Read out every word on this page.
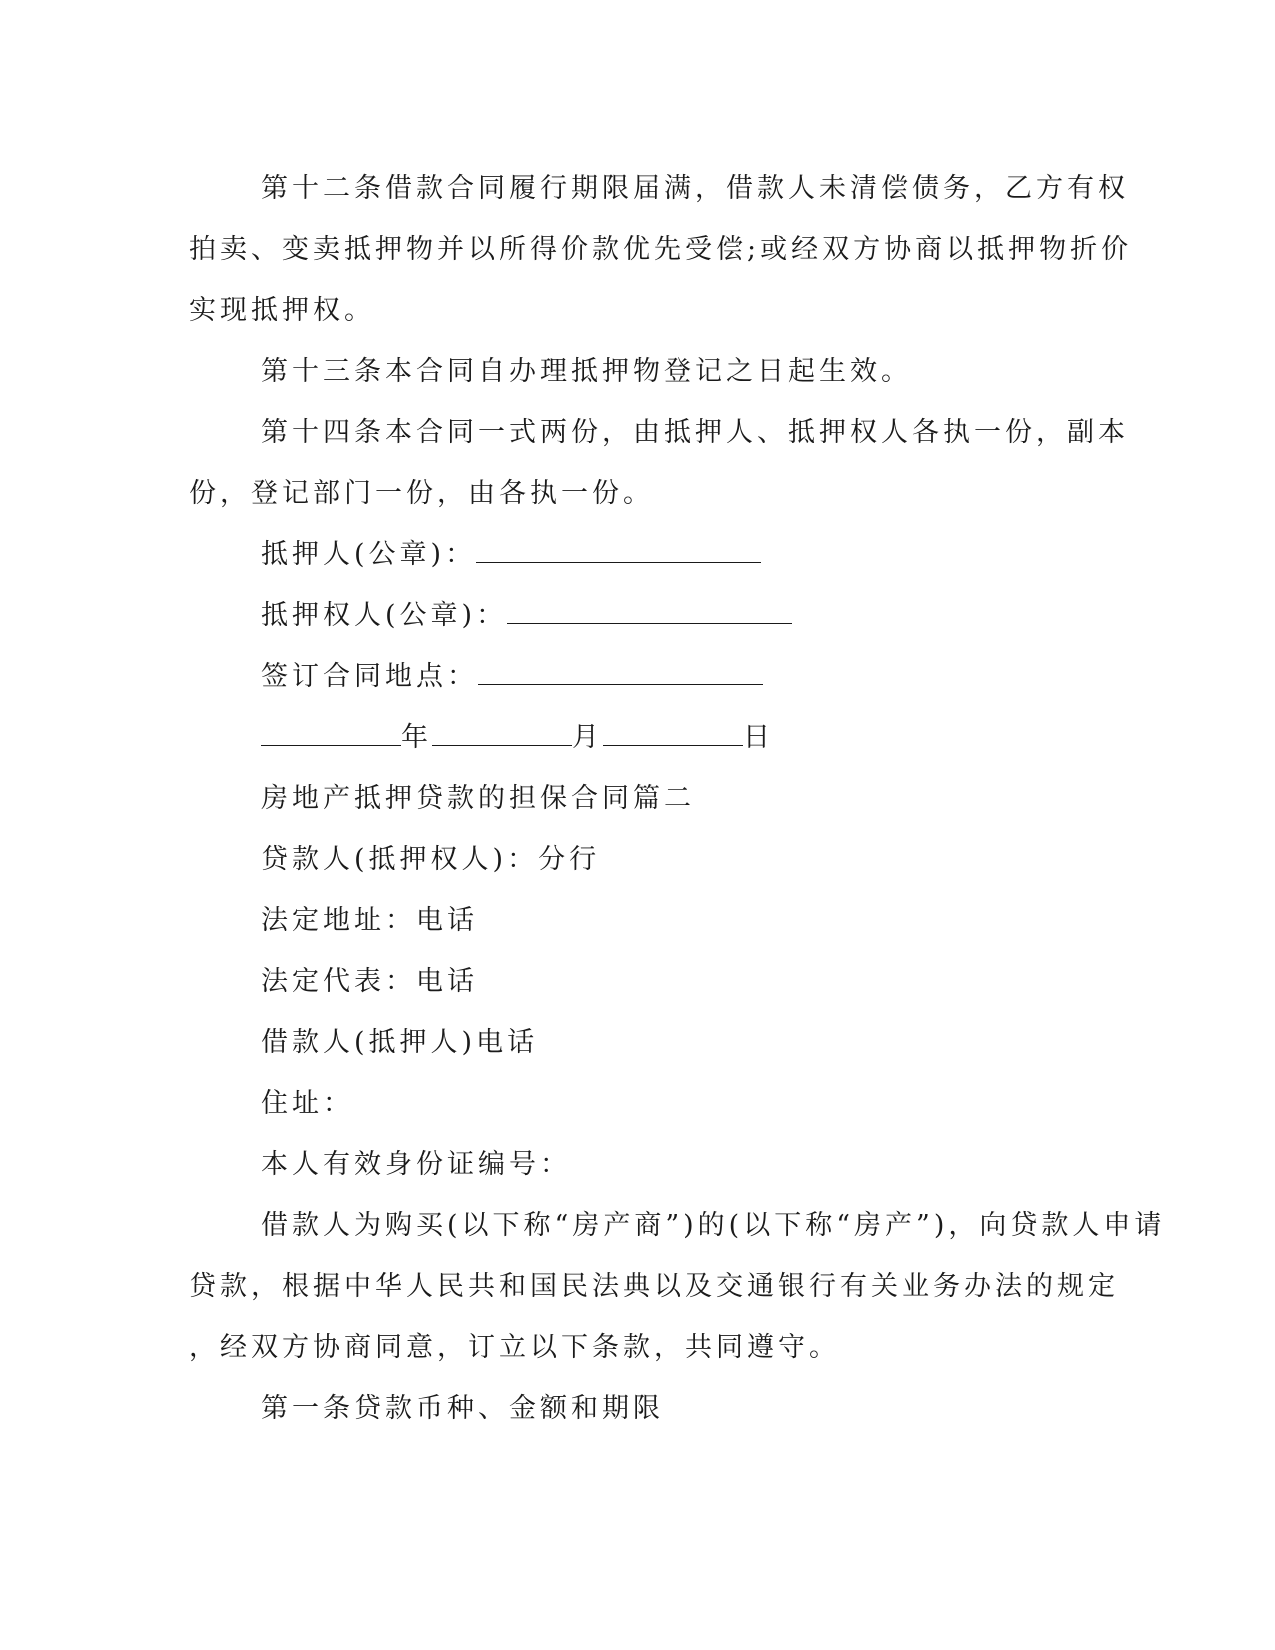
第十二条借款合同履行期限届满，借款人未清偿债务，乙方有权

拍卖、变卖抵押物并以所得价款优先受偿;或经双方协商以抵押物折价

实现抵押权。

第十三条本合同自办理抵押物登记之日起生效。

第十四条本合同一式两份，由抵押人、抵押权人各执一份，副本

份，登记部门一份，由各执一份。

抵押人(公章)：

抵押权人(公章)：

签订合同地点：

年	月	日

房地产抵押贷款的担保合同篇二

贷款人(抵押权人)：分行

法定地址：电话

法定代表：电话

借款人(抵押人)电话

住址：

本人有效身份证编号：

借款人为购买(以下称“房产商”)的(以下称“房产”)，向贷款人申请

贷款，根据中华人民共和国民法典以及交通银行有关业务办法的规定

，经双方协商同意，订立以下条款，共同遵守。

第一条贷款币种、金额和期限
